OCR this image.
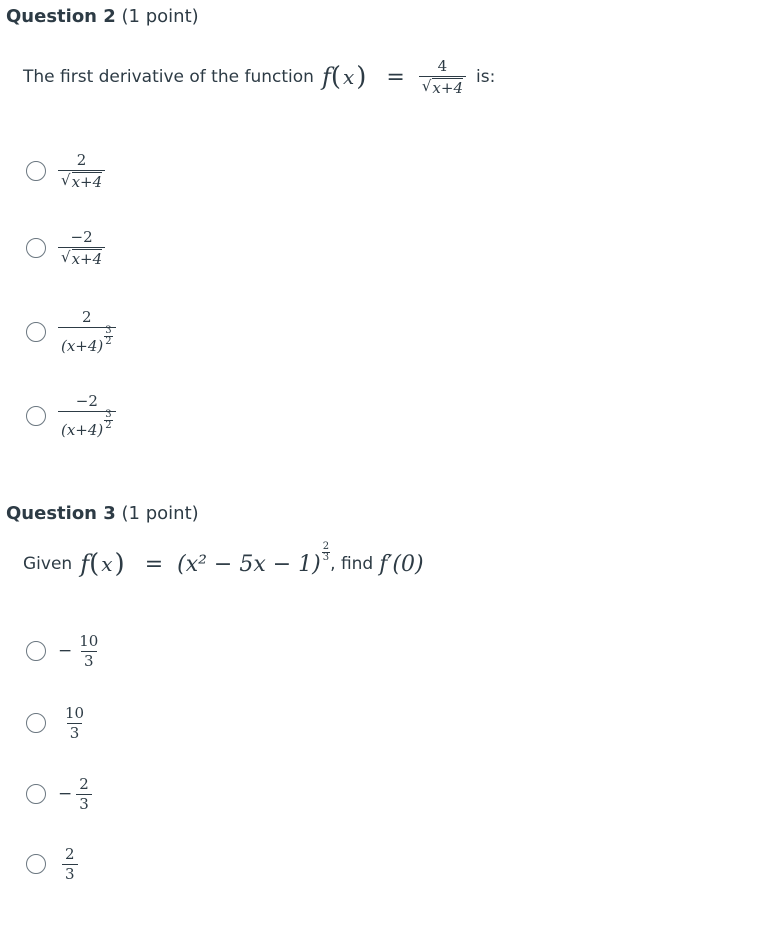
Question 2 (1 point)
The first derivative of the function f ( x ) = $\frac{4}{√ x+4}$ is:
$\frac{2}{√ x+4}$
$\frac{-2}{√ x+4}$
2
(x+4)
3
2
−2
(x+4)
3
2
Question 3 (1 point)
Given f ( x ) = (x² − 5x − 1)
2
3 , find f′(0)
− $\frac{10}{3}$
$\frac{10}{3}$
− $\frac{2}{3}$
$\frac{2}{3}$
